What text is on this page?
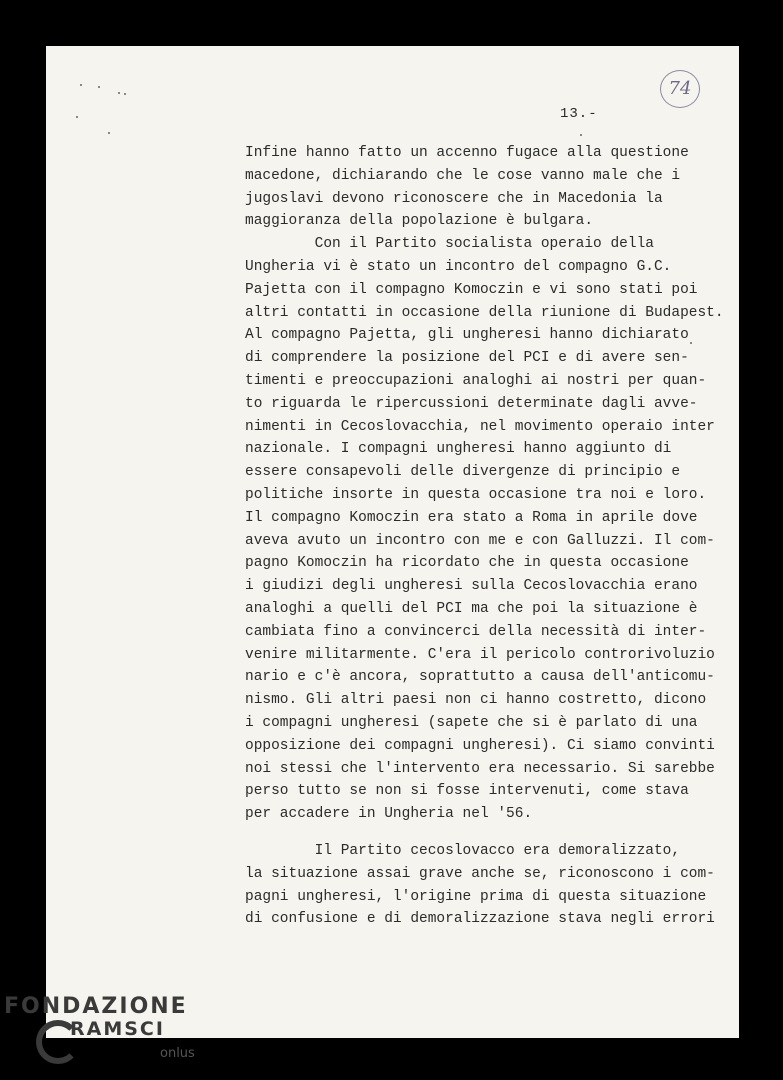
13.-
74
Infine hanno fatto un accenno fugace alla questione
macedone, dichiarando che le cose vanno male che i
jugoslavi devono riconoscere che in Macedonia la
maggioranza della popolazione è bulgara.
Con il Partito socialista operaio della
Ungheria vi è stato un incontro del compagno G.C.
Pajetta con il compagno Komoczin e vi sono stati poi
altri contatti in occasione della riunione di Budapest.
Al compagno Pajetta, gli ungheresi hanno dichiarato
di comprendere la posizione del PCI e di avere sen-
timenti e preoccupazioni analoghi ai nostri per quan-
to riguarda le ripercussioni determinate dagli avve-
nimenti in Cecoslovacchia, nel movimento operaio inter
nazionale. I compagni ungheresi hanno aggiunto di
essere consapevoli delle divergenze di principio e
politiche insorte in questa occasione tra noi e loro.
Il compagno Komoczin era stato a Roma in aprile dove
aveva avuto un incontro con me e con Galluzzi. Il com-
pagno Komoczin ha ricordato che in questa occasione
i giudizi degli ungheresi sulla Cecoslovacchia erano
analoghi a quelli del PCI ma che poi la situazione è
cambiata fino a convincerci della necessità di inter-
venire militarmente. C'era il pericolo controrivoluzio
nario e c'è ancora, soprattutto a causa dell'anticomu-
nismo. Gli altri paesi non ci hanno costretto, dicono
i compagni ungheresi (sapete che si è parlato di una
opposizione dei compagni ungheresi). Ci siamo convinti
noi stessi che l'intervento era necessario. Si sarebbe
perso tutto se non si fosse intervenuti, come stava
per accadere in Ungheria nel '56.
Il Partito cecoslovacco era demoralizzato,
la situazione assai grave anche se, riconoscono i com-
pagni ungheresi, l'origine prima di questa situazione
di confusione e di demoralizzazione stava negli errori
FONDAZIONE
RAMSCI
onlus
